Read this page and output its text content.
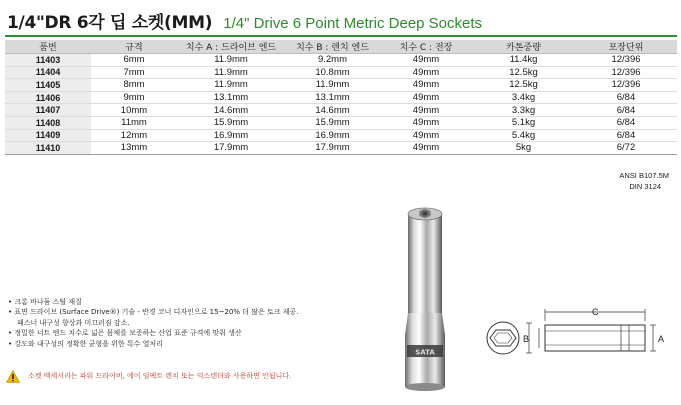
1/4"DR 6각 딥 소켓(MM) 1/4" Drive 6 Point Metric Deep Sockets
품번	규격	치수 A : 드라이브 엔드	치수 B : 렌치 엔드	치수 C : 전장	카톤중량	포장단위
11403	6mm	11.9mm	9.2mm	49mm	11.4kg	12/396
11404	7mm	11.9mm	10.8mm	49mm	12.5kg	12/396
11405	8mm	11.9mm	11.9mm	49mm	12.5kg	12/396
11406	9mm	13.1mm	13.1mm	49mm	3.4kg	6/84
11407	10mm	14.6mm	14.6mm	49mm	3.3kg	6/84
11408	11mm	15.9mm	15.9mm	49mm	5.1kg	6/84
11409	12mm	16.9mm	16.9mm	49mm	5.4kg	6/84
11410	13mm	17.9mm	17.9mm	49mm	5kg	6/72
ANSI B107.5M
DIN 3124
SATA
B
C
A
• 크롬 바나듐 스틸 재질
• 표면 드라이브 (Surface Drive®) 기술 - 반경 코너 디자인으로 15~20% 더 많은 토크 제공.
패스너 내구성 향상과 미끄러짐 감소.
• 정밀한 너트 엔드 치수로 넓은 몸체를 보증하는 산업 표준 규격에 맞춰 생산
• 강도와 내구성의 정확한 균형을 위한 특수 열처리
소켓 액세서리는 파워 드라이버, 에어 임팩트 렌치 또는 익스텐더와 사용하면 안됩니다.
